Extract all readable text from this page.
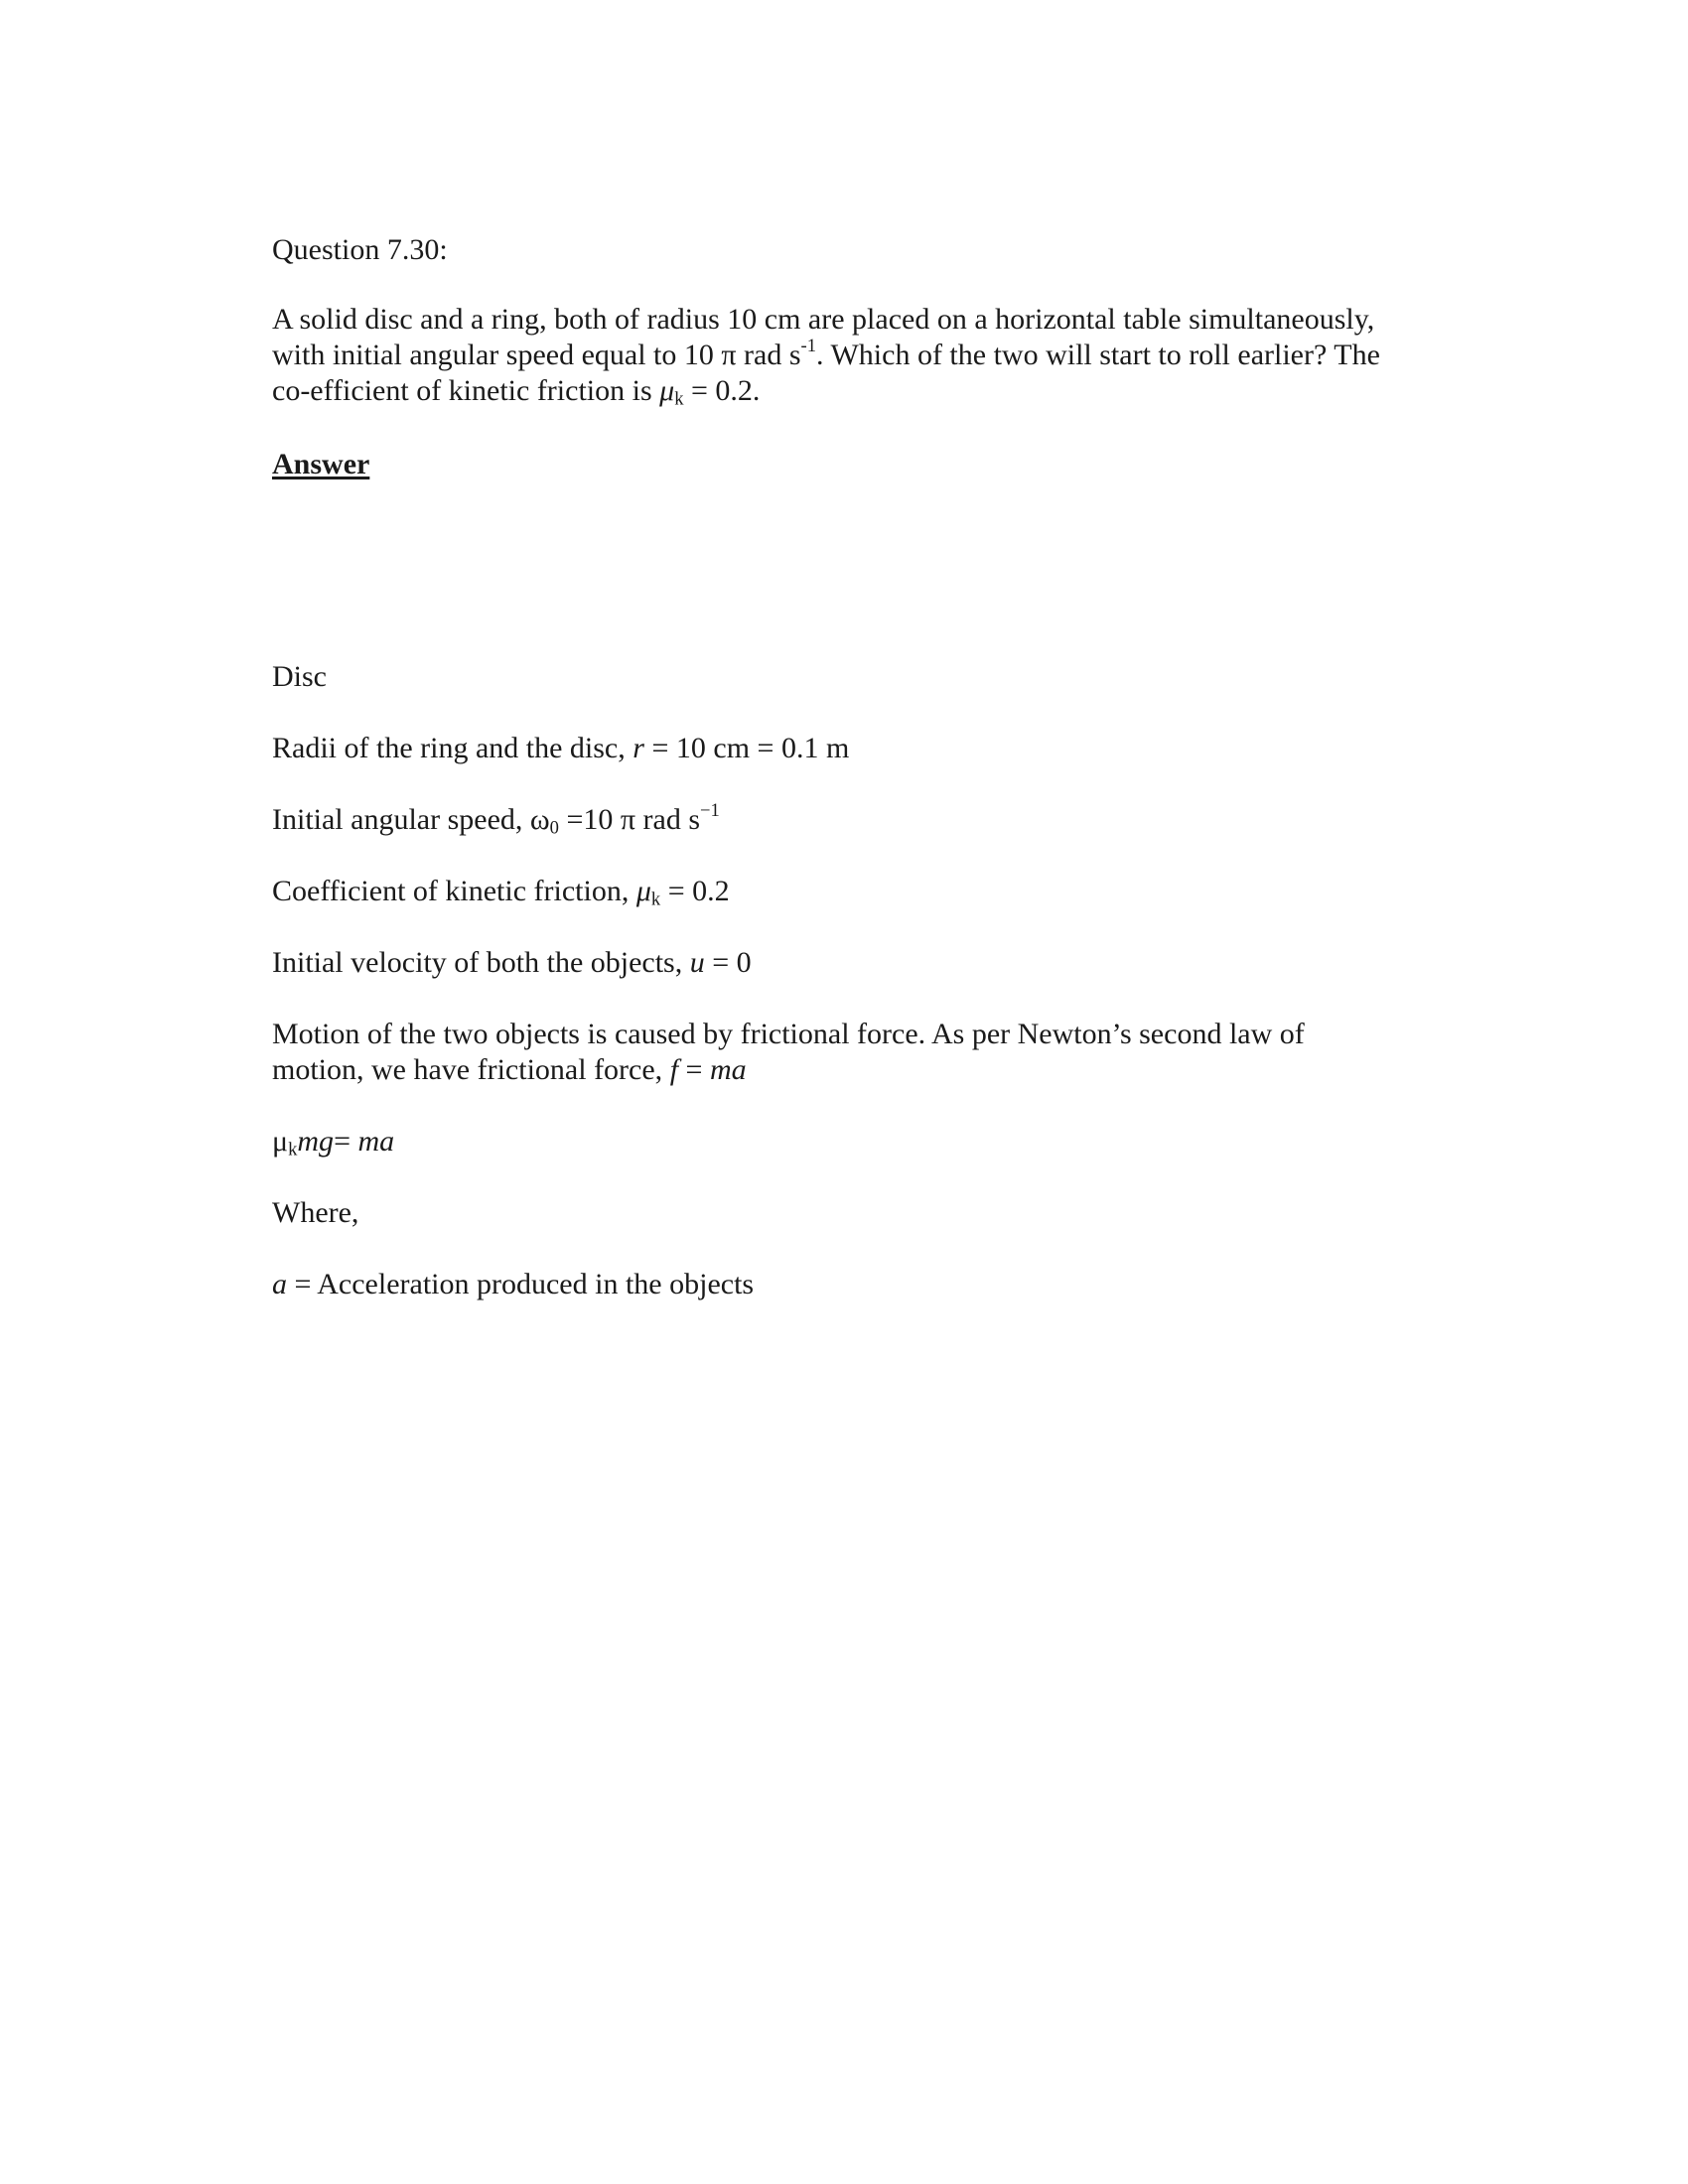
Question 7.30:

A solid disc and a ring, both of radius 10 cm are placed on a horizontal table simultaneously, with initial angular speed equal to 10 π rad $s^{-1}$. Which of the two will start to roll earlier? The co-efficient of kinetic friction is $\mu_k = 0.2$.

Answer

Disc

Radii of the ring and the disc, r = 10 cm = 0.1 m

Initial angular speed, $\omega_0 =10$ π rad $s^{-1}$

Coefficient of kinetic friction, $\mu_k = 0.2$

Initial velocity of both the objects, u = 0

Motion of the two objects is caused by frictional force. As per Newton’s second law of motion, we have frictional force, f = ma

$\mu_kmg=$ ma

Where,

a = Acceleration produced in the objects
